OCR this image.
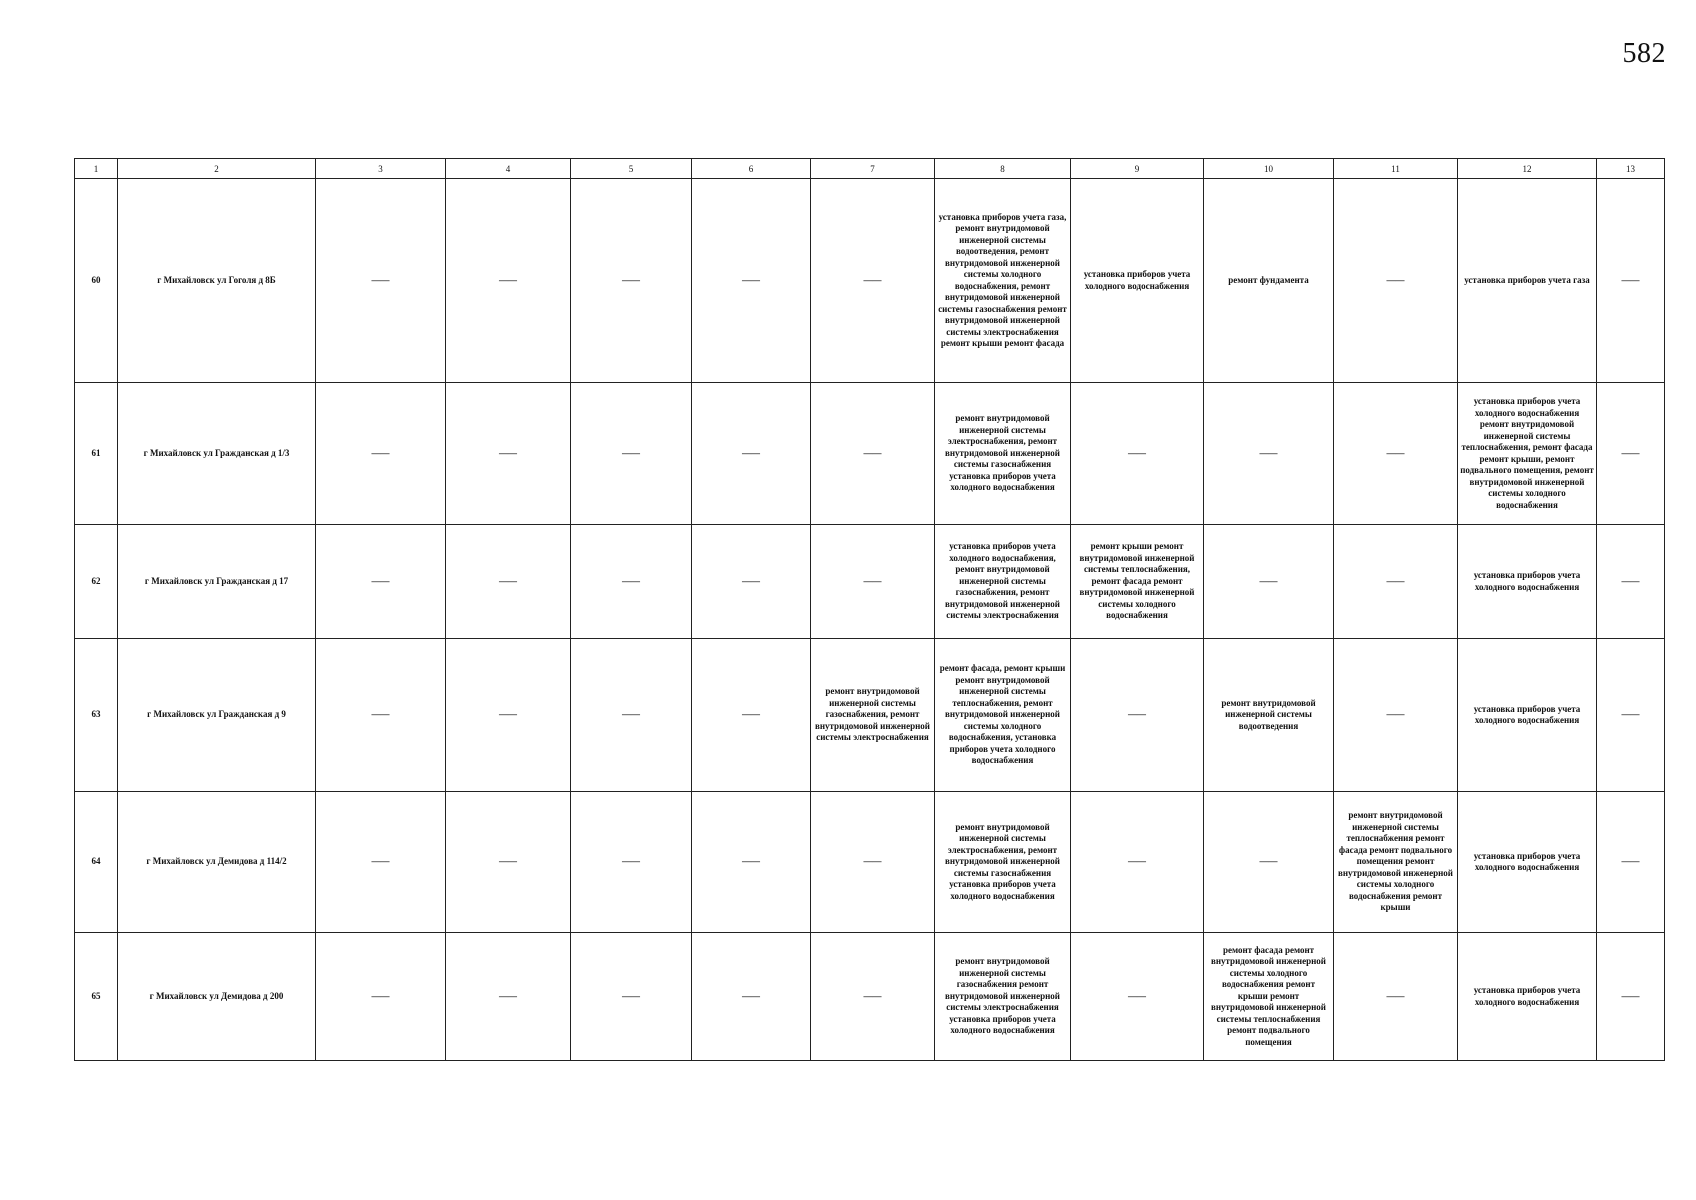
582
1	2	3	4	5	6	7	8	9	10	11	12	13
60	г Михайловск ул Гоголя д 8Б	——	——	——	——	——	установка приборов учета газа, ремонт внутридомовой инженерной системы водоотведения, ремонт внутридомовой инженерной системы холодного водоснабжения, ремонт внутридомовой инженерной системы газоснабжения ремонт внутридомовой инженерной системы электроснабжения ремонт крыши ремонт фасада	установка приборов учета холодного водоснабжения	ремонт фундамента	——	установка приборов учета газа	——
61	г Михайловск ул Гражданская д 1/3	——	——	——	——	——	ремонт внутридомовой инженерной системы электроснабжения, ремонт внутридомовой инженерной системы газоснабжения установка приборов учета холодного водоснабжения	——	——	——	установка приборов учета холодного водоснабжения ремонт внутридомовой инженерной системы теплоснабжения, ремонт фасада ремонт крыши, ремонт подвального помещения, ремонт внутридомовой инженерной системы холодного водоснабжения	——
62	г Михайловск ул Гражданская д 17	——	——	——	——	——	установка приборов учета холодного водоснабжения, ремонт внутридомовой инженерной системы газоснабжения, ремонт внутридомовой инженерной системы электроснабжения	ремонт крыши ремонт внутридомовой инженерной системы теплоснабжения, ремонт фасада ремонт внутридомовой инженерной системы холодного водоснабжения	——	——	установка приборов учета холодного водоснабжения	——
63	г Михайловск ул Гражданская д 9	——	——	——	——	ремонт внутридомовой инженерной системы газоснабжения, ремонт внутридомовой инженерной системы электроснабжения	ремонт фасада, ремонт крыши ремонт внутридомовой инженерной системы теплоснабжения, ремонт внутридомовой инженерной системы холодного водоснабжения, установка приборов учета холодного водоснабжения	——	ремонт внутридомовой инженерной системы водоотведения	——	установка приборов учета холодного водоснабжения	——
64	г Михайловск ул Демидова д 114/2	——	——	——	——	——	ремонт внутридомовой инженерной системы электроснабжения, ремонт внутридомовой инженерной системы газоснабжения установка приборов учета холодного водоснабжения	——	——	ремонт внутридомовой инженерной системы теплоснабжения ремонт фасада ремонт подвального помещения ремонт внутридомовой инженерной системы холодного водоснабжения ремонт крыши	установка приборов учета холодного водоснабжения	——
65	г Михайловск ул Демидова д 200	——	——	——	——	——	ремонт внутридомовой инженерной системы газоснабжения ремонт внутридомовой инженерной системы электроснабжения установка приборов учета холодного водоснабжения	——	ремонт фасада ремонт внутридомовой инженерной системы холодного водоснабжения ремонт крыши ремонт внутридомовой инженерной системы теплоснабжения ремонт подвального помещения	——	установка приборов учета холодного водоснабжения	——
